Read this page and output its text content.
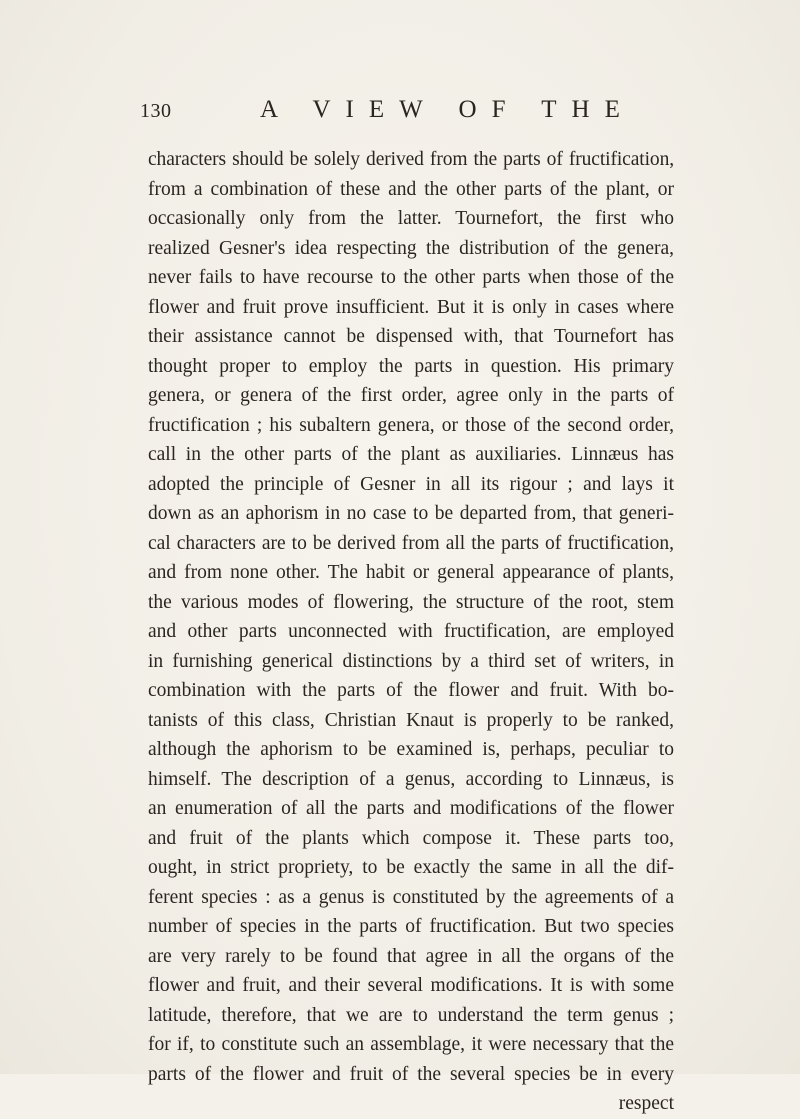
130	A VIEW OF THE
characters should be solely derived from the parts of fructification,
from a combination of these and the other parts of the plant, or
occasionally only from the latter. Tournefort, the first who
realized Gesner's idea respecting the distribution of the genera,
never fails to have recourse to the other parts when those of the
flower and fruit prove insufficient. But it is only in cases where
their assistance cannot be dispensed with, that Tournefort has
thought proper to employ the parts in question. His primary
genera, or genera of the first order, agree only in the parts of
fructification ; his subaltern genera, or those of the second order,
call in the other parts of the plant as auxiliaries. Linnæus has
adopted the principle of Gesner in all its rigour ; and lays it
down as an aphorism in no case to be departed from, that generi-
cal characters are to be derived from all the parts of fructification,
and from none other. The habit or general appearance of plants,
the various modes of flowering, the structure of the root, stem
and other parts unconnected with fructification, are employed
in furnishing generical distinctions by a third set of writers, in
combination with the parts of the flower and fruit. With bo-
tanists of this class, Christian Knaut is properly to be ranked,
although the aphorism to be examined is, perhaps, peculiar to
himself. The description of a genus, according to Linnæus, is
an enumeration of all the parts and modifications of the flower
and fruit of the plants which compose it. These parts too,
ought, in strict propriety, to be exactly the same in all the dif-
ferent species : as a genus is constituted by the agreements of a
number of species in the parts of fructification. But two species
are very rarely to be found that agree in all the organs of the
flower and fruit, and their several modifications. It is with some
latitude, therefore, that we are to understand the term genus ;
for if, to constitute such an assemblage, it were necessary that the
parts of the flower and fruit of the several species be in every
respect
